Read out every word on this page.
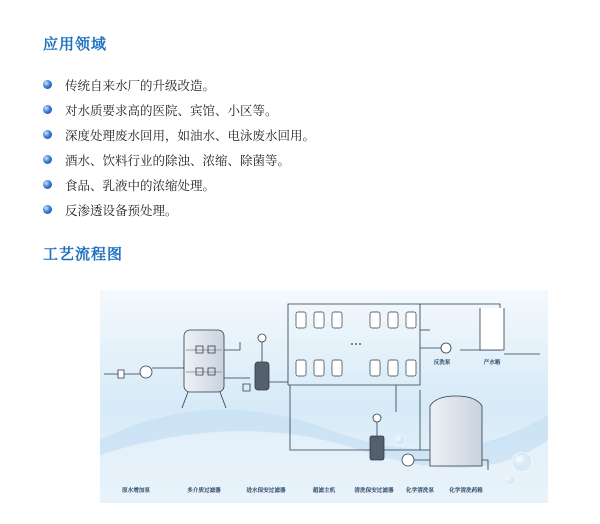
应用领域
传统自来水厂的升级改造。
对水质要求高的医院、宾馆、小区等。
深度处理废水回用，如油水、电泳废水回用。
酒水、饮料行业的除浊、浓缩、除菌等。
食品、乳液中的浓缩处理。
反渗透设备预处理。
工艺流程图
反洗泵	产水箱
原水增加泵	多介质过滤器	进水保安过滤器	超滤主机	清洗保安过滤器 化学清洗泵	化学清洗药箱
